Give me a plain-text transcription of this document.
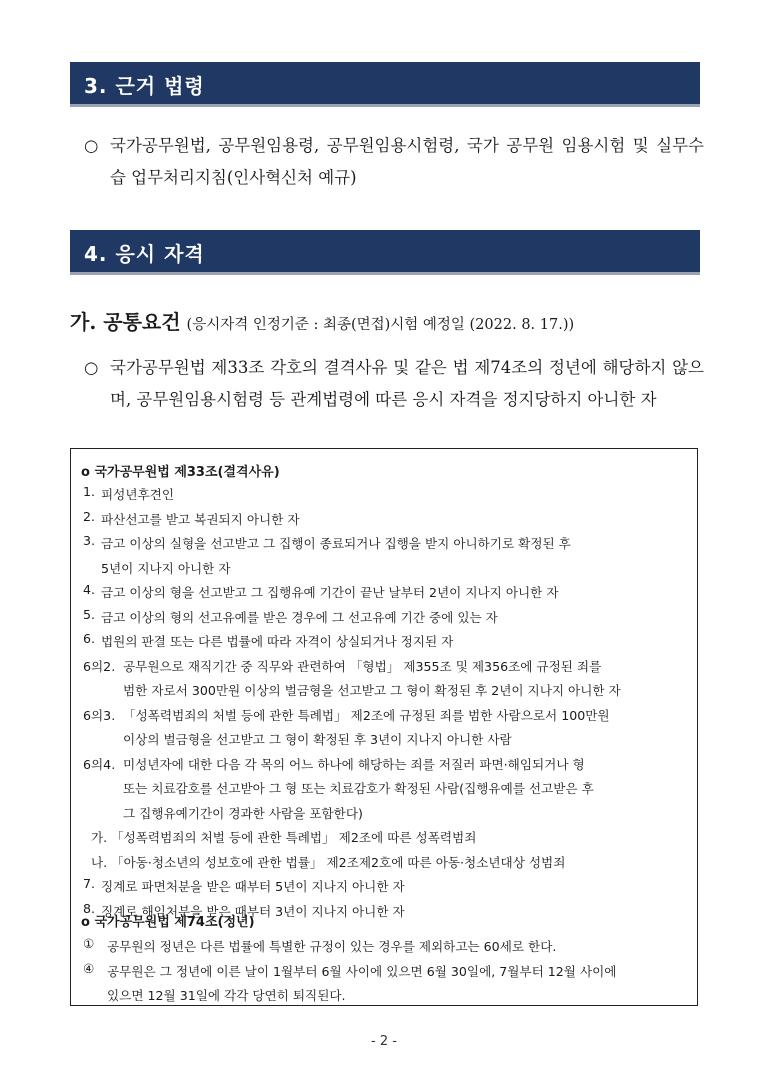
3. 근거 법령
○ 국가공무원법, 공무원임용령, 공무원임용시험령, 국가 공무원 임용시험 및 실무수습 업무처리지침(인사혁신처 예규)
4. 응시 자격
가. 공통요건 (응시자격 인정기준 : 최종(면접)시험 예정일 (2022. 8. 17.))
○ 국가공무원법 제33조 각호의 결격사유 및 같은 법 제74조의 정년에 해당하지 않으며, 공무원임용시험령 등 관계법령에 따른 응시 자격을 정지당하지 아니한 자
o 국가공무원법 제33조(결격사유)
1. 피성년후견인
2. 파산선고를 받고 복권되지 아니한 자
3. 금고 이상의 실형을 선고받고 그 집행이 종료되거나 집행을 받지 아니하기로 확정된 후
5년이 지나지 아니한 자
4. 금고 이상의 형을 선고받고 그 집행유예 기간이 끝난 날부터 2년이 지나지 아니한 자
5. 금고 이상의 형의 선고유예를 받은 경우에 그 선고유예 기간 중에 있는 자
6. 법원의 판결 또는 다른 법률에 따라 자격이 상실되거나 정지된 자
6의2. 공무원으로 재직기간 중 직무와 관련하여 「형법」 제355조 및 제356조에 규정된 죄를
범한 자로서 300만원 이상의 벌금형을 선고받고 그 형이 확정된 후 2년이 지나지 아니한 자
6의3. 「성폭력범죄의 처벌 등에 관한 특례법」 제2조에 규정된 죄를 범한 사람으로서 100만원
이상의 벌금형을 선고받고 그 형이 확정된 후 3년이 지나지 아니한 사람
6의4. 미성년자에 대한 다음 각 목의 어느 하나에 해당하는 죄를 저질러 파면·해임되거나 형
또는 치료감호를 선고받아 그 형 또는 치료감호가 확정된 사람(집행유예를 선고받은 후
그 집행유예기간이 경과한 사람을 포함한다)
가. 「성폭력범죄의 처벌 등에 관한 특례법」 제2조에 따른 성폭력범죄
나. 「아동·청소년의 성보호에 관한 법률」 제2조제2호에 따른 아동·청소년대상 성범죄
7. 징계로 파면처분을 받은 때부터 5년이 지나지 아니한 자
8. 징계로 해임처분을 받은 때부터 3년이 지나지 아니한 자
o 국가공무원법 제74조(정년)
① 공무원의 정년은 다른 법률에 특별한 규정이 있는 경우를 제외하고는 60세로 한다.
④ 공무원은 그 정년에 이른 날이 1월부터 6월 사이에 있으면 6월 30일에, 7월부터 12월 사이에
있으면 12월 31일에 각각 당연히 퇴직된다.
- 2 -
